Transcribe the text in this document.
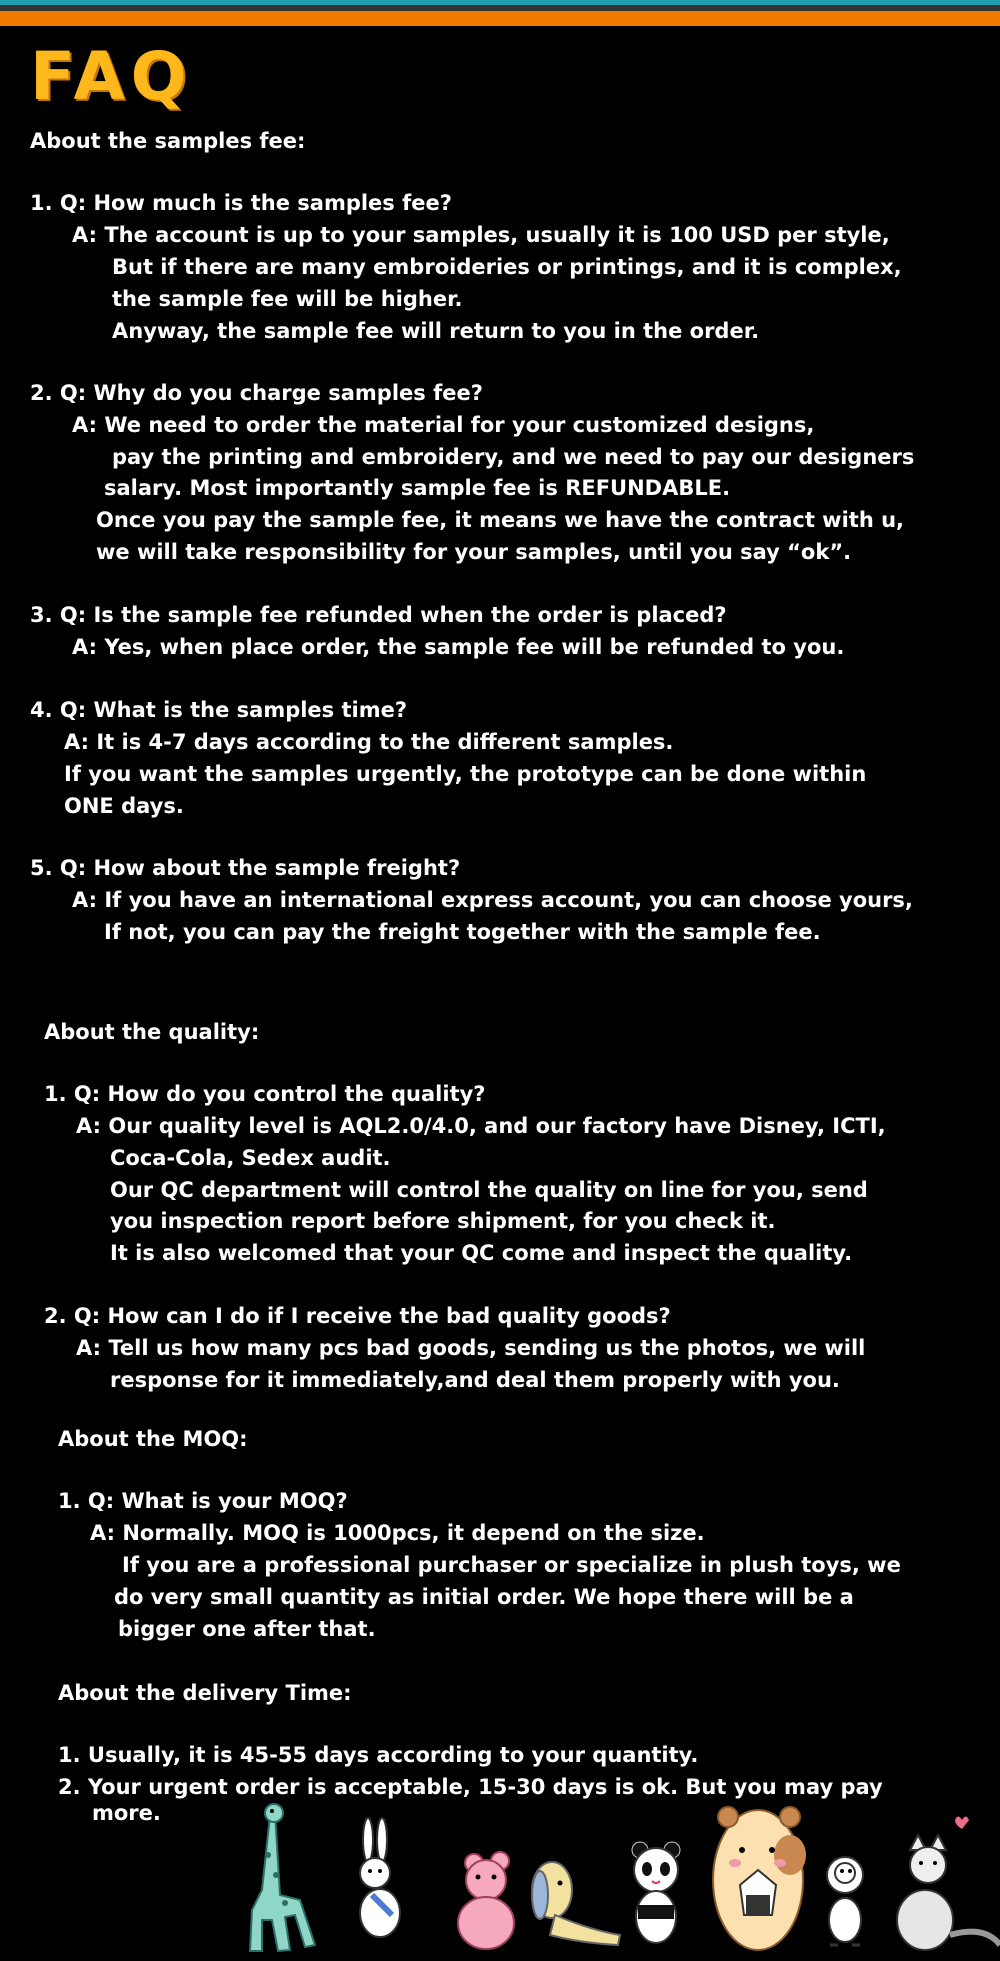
FAQ
About the samples fee:
1. Q: How much is the samples fee?
A: The account is up to your samples, usually it is 100 USD per style,
But if there are many embroideries or printings, and it is complex,
the sample fee will be higher.
Anyway, the sample fee will return to you in the order.
2. Q: Why do you charge samples fee?
A: We need to order the material for your customized designs,
pay the printing and embroidery, and we need to pay our designers
salary. Most importantly sample fee is REFUNDABLE.
Once you pay the sample fee, it means we have the contract with u,
we will take responsibility for your samples, until you say “ok”.
3. Q: Is the sample fee refunded when the order is placed?
A: Yes, when place order, the sample fee will be refunded to you.
4. Q: What is the samples time?
A: It is 4-7 days according to the different samples.
If you want the samples urgently, the prototype can be done within
ONE days.
5. Q: How about the sample freight?
A: If you have an international express account, you can choose yours,
If not, you can pay the freight together with the sample fee.
About the quality:
1. Q: How do you control the quality?
A: Our quality level is AQL2.0/4.0, and our factory have Disney, ICTI,
Coca-Cola, Sedex audit.
Our QC department will control the quality on line for you, send
you inspection report before shipment, for you check it.
It is also welcomed that your QC come and inspect the quality.
2. Q: How can I do if I receive the bad quality goods?
A: Tell us how many pcs bad goods, sending us the photos, we will
response for it immediately,and deal them properly with you.
About the MOQ:
1. Q: What is your MOQ?
A: Normally. MOQ is 1000pcs, it depend on the size.
If you are a professional purchaser or specialize in plush toys, we
do very small quantity as initial order. We hope there will be a
bigger one after that.
About the delivery Time:
1. Usually, it is 45-55 days according to your quantity.
2. Your urgent order is acceptable, 15-30 days is ok. But you may pay
more.
